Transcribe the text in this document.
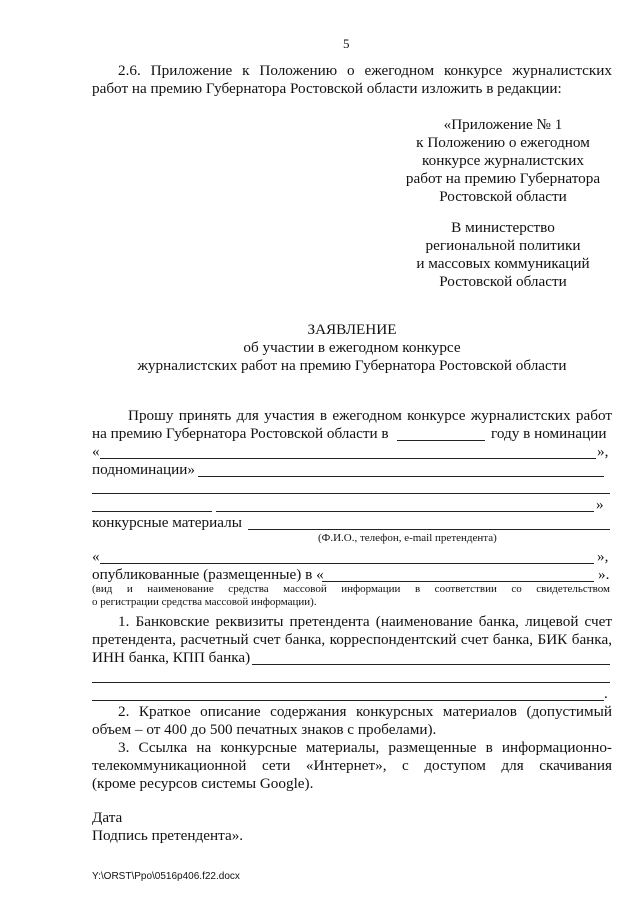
5
2.6. Приложение к Положению о ежегодном конкурсе журналистских
работ на премию Губернатора Ростовской области изложить в редакции:
«Приложение № 1
к Положению о ежегодном
конкурсе журналистских
работ на премию Губернатора
Ростовской области
В министерство
региональной политики
и массовых коммуникаций
Ростовской области
ЗАЯВЛЕНИЕ
об участии в ежегодном конкурсе
журналистских работ на премию Губернатора Ростовской области
Прошу принять для участия в ежегодном конкурсе журналистских работ
на премию Губернатора Ростовской области в	году в номинации
«	»,
подноминации»
»
конкурсные материалы
(Ф.И.О., телефон, e-mail претендента)
«	»,
опубликованные (размещенные) в «	».
(вид и наименование средства массовой информации в соответствии со свидетельством
о регистрации средства массовой информации).
1. Банковские реквизиты претендента (наименование банка, лицевой счет
претендента, расчетный счет банка, корреспондентский счет банка, БИК банка,
ИНН банка, КПП банка)
.
2. Краткое описание содержания конкурсных материалов (допустимый
объем – от 400 до 500 печатных знаков с пробелами).
3. Ссылка на конкурсные материалы, размещенные в информационно-
телекоммуникационной сети «Интернет», с доступом для скачивания
(кроме ресурсов системы Google).
Дата
Подпись претендента».
Y:\ORST\Ppo\0516p406.f22.docx
